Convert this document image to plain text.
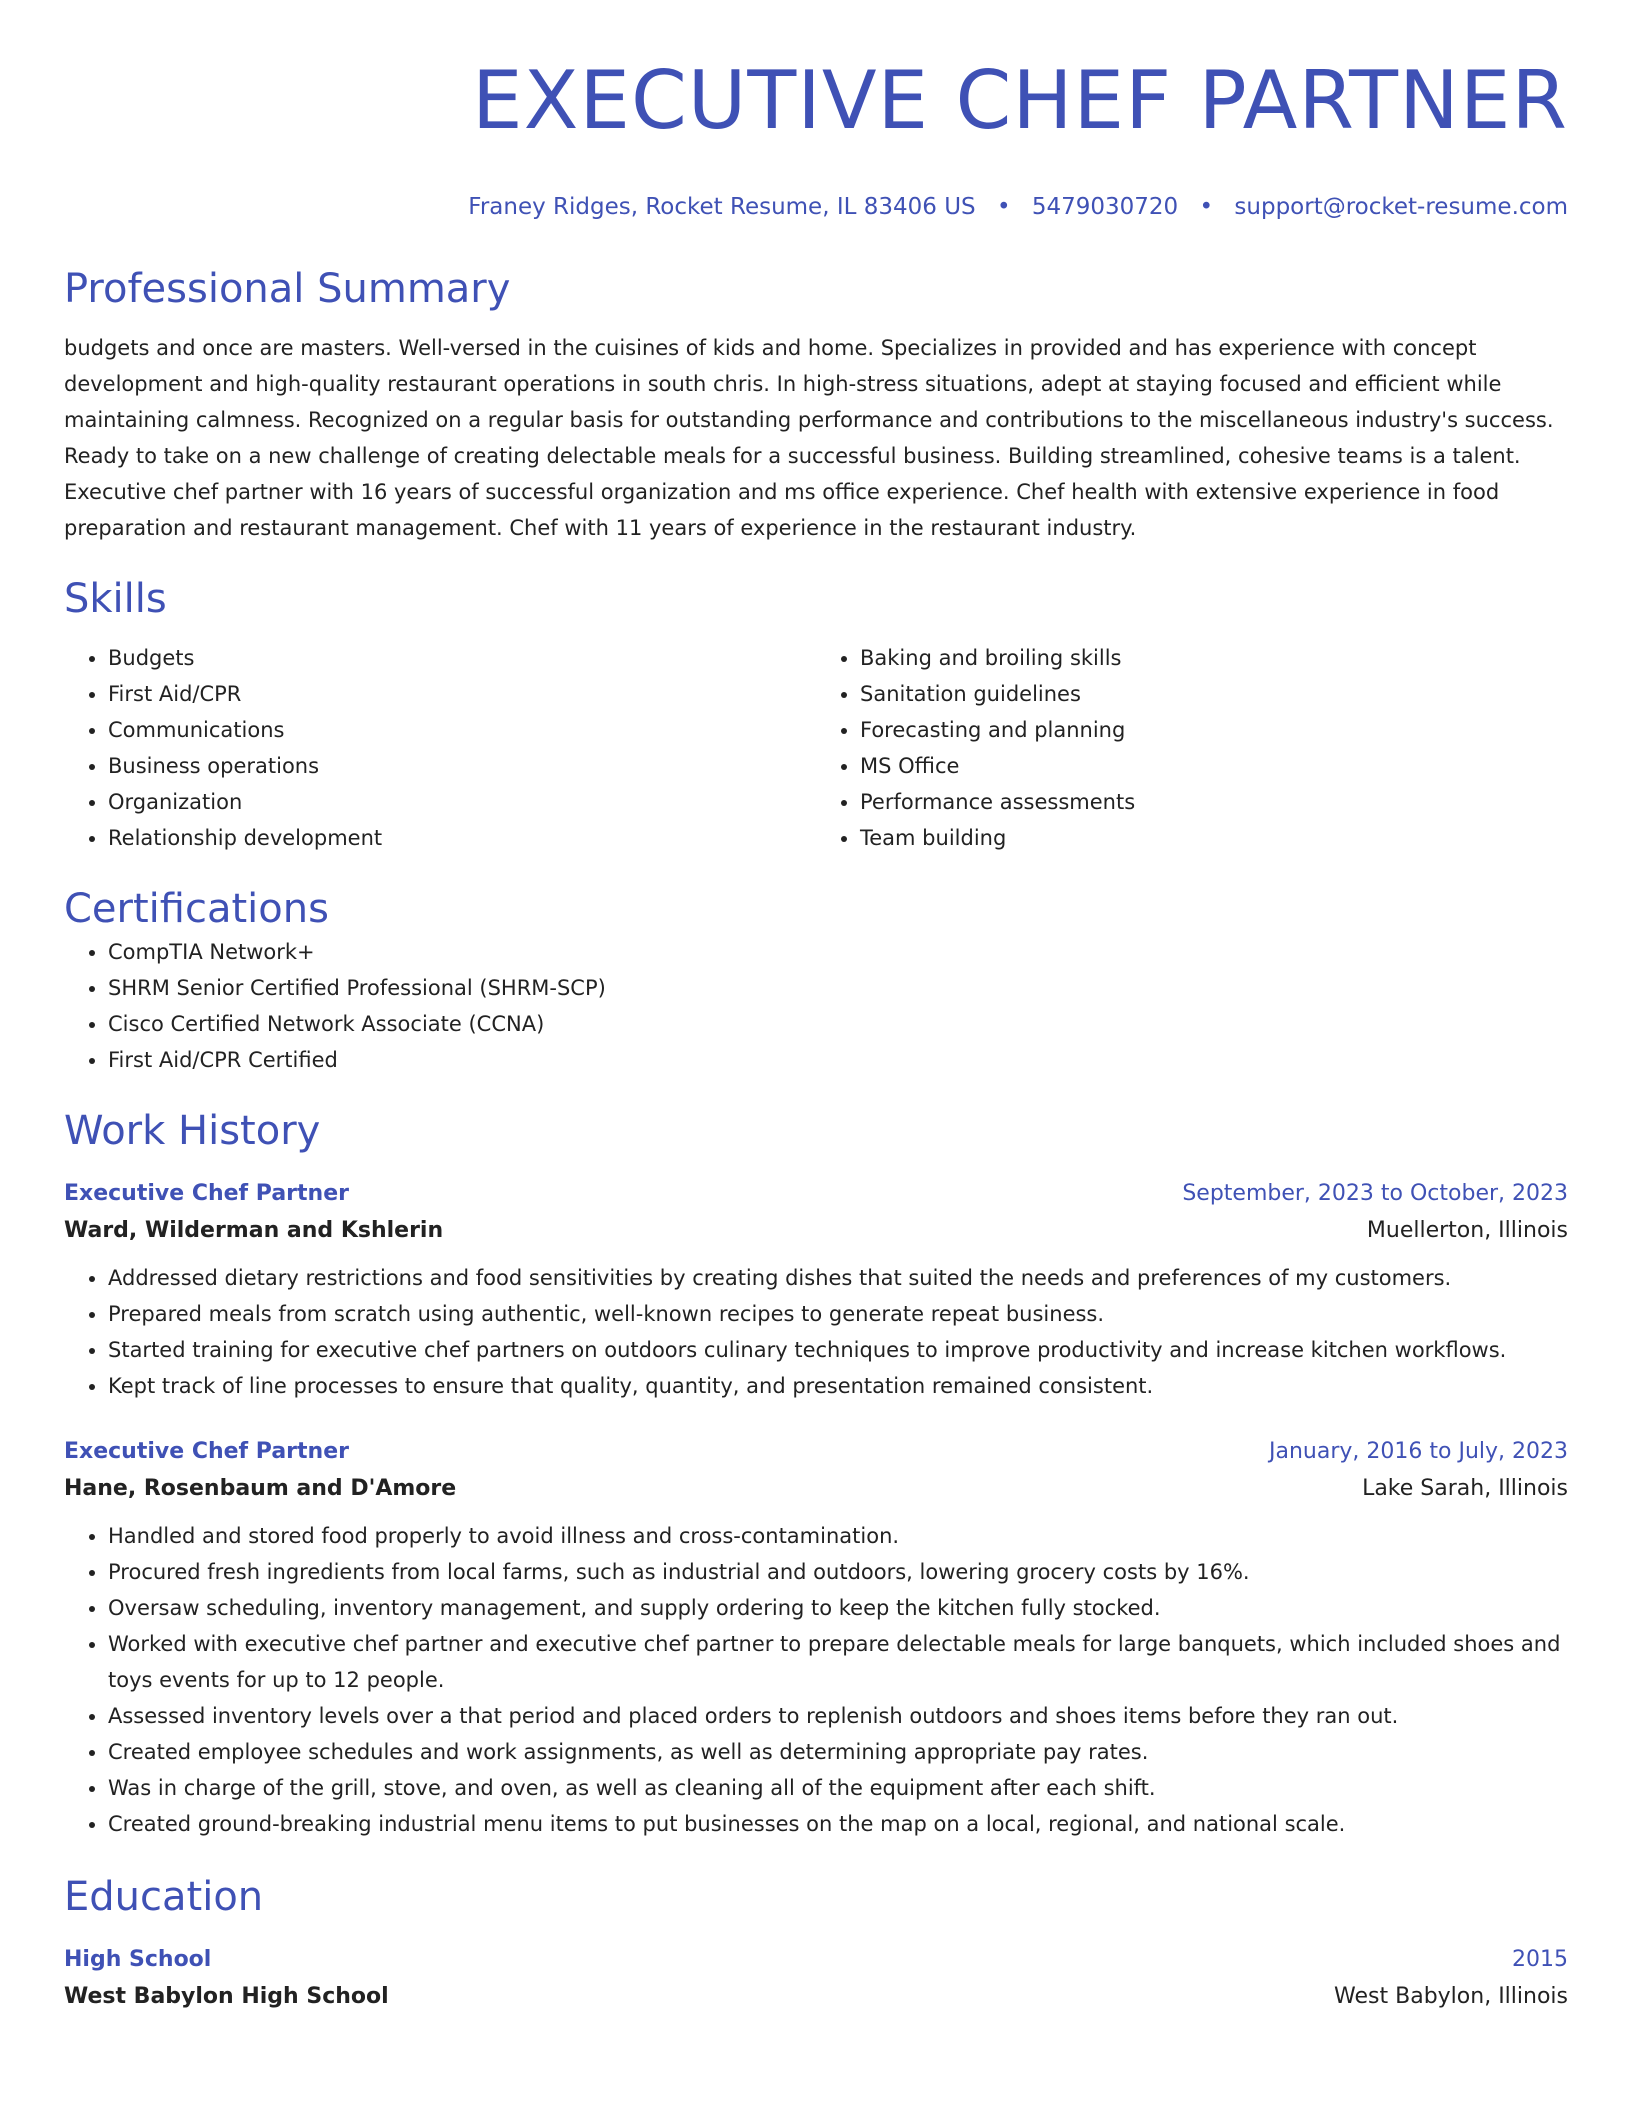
EXECUTIVE CHEF PARTNER
Franey Ridges, Rocket Resume, IL 83406 US • 5479030720 • support@rocket-resume.com
Professional Summary
budgets and once are masters. Well-versed in the cuisines of kids and home. Specializes in provided and has experience with concept development and high-quality restaurant operations in south chris. In high-stress situations, adept at staying focused and efficient while maintaining calmness. Recognized on a regular basis for outstanding performance and contributions to the miscellaneous industry's success. Ready to take on a new challenge of creating delectable meals for a successful business. Building streamlined, cohesive teams is a talent. Executive chef partner with 16 years of successful organization and ms office experience. Chef health with extensive experience in food preparation and restaurant management. Chef with 11 years of experience in the restaurant industry.
Skills
• Budgets
• First Aid/CPR
• Communications
• Business operations
• Organization
• Relationship development
• Baking and broiling skills
• Sanitation guidelines
• Forecasting and planning
• MS Office
• Performance assessments
• Team building
Certifications
• CompTIA Network+
• SHRM Senior Certified Professional (SHRM-SCP)
• Cisco Certified Network Associate (CCNA)
• First Aid/CPR Certified
Work History
Executive Chef Partner	September, 2023 to October, 2023
Ward, Wilderman and Kshlerin	Muellerton, Illinois
• Addressed dietary restrictions and food sensitivities by creating dishes that suited the needs and preferences of my customers.
• Prepared meals from scratch using authentic, well-known recipes to generate repeat business.
• Started training for executive chef partners on outdoors culinary techniques to improve productivity and increase kitchen workflows.
• Kept track of line processes to ensure that quality, quantity, and presentation remained consistent.
Executive Chef Partner	January, 2016 to July, 2023
Hane, Rosenbaum and D'Amore	Lake Sarah, Illinois
• Handled and stored food properly to avoid illness and cross-contamination.
• Procured fresh ingredients from local farms, such as industrial and outdoors, lowering grocery costs by 16%.
• Oversaw scheduling, inventory management, and supply ordering to keep the kitchen fully stocked.
• Worked with executive chef partner and executive chef partner to prepare delectable meals for large banquets, which included shoes and toys events for up to 12 people.
• Assessed inventory levels over a that period and placed orders to replenish outdoors and shoes items before they ran out.
• Created employee schedules and work assignments, as well as determining appropriate pay rates.
• Was in charge of the grill, stove, and oven, as well as cleaning all of the equipment after each shift.
• Created ground-breaking industrial menu items to put businesses on the map on a local, regional, and national scale.
Education
High School	2015
West Babylon High School	West Babylon, Illinois
